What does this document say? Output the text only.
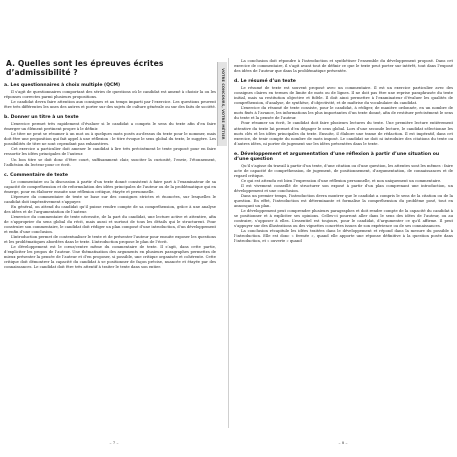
A. Quelles sont les épreuves écrites d’admissibilité ?
a. Les questionnaires à choix multiple (QCM)

Il s’agit de questionnaires comportant des séries de questions où le candidat est amené à choisir la ou les réponses correctes parmi plusieurs propositions.

Le candidat devra faire attention aux consignes et au temps imparti par l’exercice. Les questions peuvent être très différentes les unes des autres et porter sur des sujets de culture générale ou sur des faits de société.

b. Donner un titre à un texte

L’exercice permet très rapidement d’évaluer si le candidat a compris le sens du texte afin d’en faire émerger un élément pertinent propre à le définir.

Le titre ne peut se résumer à un mot ou à quelques mots posés au-dessus du texte pour le nommer, mais doit être une proposition qui fait appel à une réflexion : le titre évoque le sens global du texte, le suggère. Les possibilités de titre ne sont cependant pas exhaustives.

Cet exercice a particulier doit amener le candidat à lire très précisément le texte proposé pour en faire ressortir les idées principales de l’auteur.

Un bon titre se doit donc d’être court, suffisamment clair, susciter la curiosité, l’envie, l’étonnement, l’adhésion du lecteur pour ce écrit.

c. Commentaire de texte

Le commentaire ou la discussion à partir d’un texte donné consistent à faire part à l’examinateur de sa capacité de compréhension et de reformulation des idées principales de l’auteur ou de la problématique qui en émerge, pour en élaborer ensuite une réflexion critique, étayée et personnelle.

L’épreuve du commentaire de texte se base sur des consignes strictes et énoncées, sur lesquelles le candidat doit impérativement s’appuyer.

En général, on attend du candidat qu’il puisse rendre compte de sa compréhension, grâce à une analyse des idées et de l’argumentation de l’auteur.

L’exercice du commentaire de texte nécessite, de la part du candidat, une lecture active et attentive, afin de s’approprier du sens global du récit, mais aussi et surtout de tous les détails qui le structurent. Pour construire son commentaire, le candidat doit rédiger un plan composé d’une introduction, d’un développement et enfin d’une conclusion.

L’introduction permet de contextualiser le texte et de présenter l’auteur pour ensuite exposer les questions et les problématiques abordées dans le texte. L’introduction propose le plan de l’écrit.

Le développement est le cœur/centre même du commentaire de texte. Il s’agit, dans cette partie, d’expliciter les propos de l’auteur. Une thématisation des arguments en plusieurs paragraphes permettra de mieux présenter la pensée de l’auteur et d’en proposer, si possible, une critique organisée et cohérente. Cette critique doit démontrer la capacité du candidat à se positionner de façon précise, nuancée et étayée par des connaissances. Le candidat doit être très attentif à traiter le texte dans son entier.

VOTRE CONCOURS, VOTRE MÉTIER
– 7 –

La conclusion doit répondre à l’introduction et synthétiser l’ensemble du développement proposé. Dans cet exercice de commentaire, il s’agit avant tout de définir ce que le texte peut porter sur intérêt, tout dans l’exposé des idées de l’auteur que dans la problématique présentée.

d. Le résumé d’un texte

Le résumé de texte est souvent proposé avec un commentaire. Il est un exercice particulier avec des consignes claires en termes de limite de mots ou de lignes. Il ne doit pas être une reprise paraphrasée du texte initial, mais sa restitution objective et fidèle. Il doit ainsi permettre à l’examinateur d’évaluer les qualités de compréhension, d’analyse, de synthèse, d’objectivité, et de maîtrise du vocabulaire du candidat.

L’exercice du résumé de texte consiste, pour le candidat, à rédiger, de manière ordonnée, en un nombre de mots fixés à l’avance, les informations les plus importantes d’un texte donné, afin de restituer précisément le sens du texte et la pensée de l’auteur.

Pour résumer un écrit, le candidat doit faire plusieurs lectures du texte. Une première lecture entièrement attentive du texte lui permet d’en dégager le sens global. Lors d’une seconde lecture, le candidat sélectionne les mots clés et les idées principales du texte. Ensuite, il élabore une trame de rédaction. Il est impératif, dans cet exercice, de tenir compte du nombre de mots imposé. Le candidat ne doit ni introduire des citations du texte ou d’autres idées, ni porter de jugement sur les idées présentées dans le texte.

e. Développement et argumentation d’une réflexion à partir d’une situation ou d’une question

Qu’il s’agisse du travail à partir d’un texte, d’une citation ou d’une question, les attentes sont les mêmes : faire acte de capacité de compréhension, de jugement, de positionnement, d’argumentation, de connaissances et de regard critique.

Ce qui est attendu est bien l’expression d’une réflexion personnelle, et non uniquement un commentaire.

Il est vivement conseillé de structurer son exposé à partir d’un plan comprenant une introduction, un développement et une conclusion.

Dans un premier temps, l’introduction devra montrer que le candidat a compris le sens de la citation ou de la question. En effet, l’introduction est déterminante et formalise la compréhension du problème posé, tout en annonçant un plan.

Le développement peut comprendre plusieurs paragraphes et doit rendre compte de la capacité du candidat à se positionner et à expliciter ses opinions. Celles-ci pourront aller dans le sens des idées de l’auteur, ou au contraire, s’opposer à elles. L’essentiel est toujours, pour le candidat, d’argumenter ce qu’il affirme. Il peut s’appuyer sur des illustrations ou des vignettes concrètes issues de son expérience ou de ses connaissances.

La conclusion récapitule les idées traitées dans le développement et répond dans la mesure du possible à l’introduction. Elle est donc « fermée », quand elle apporte une réponse définitive à la question posée dans l’introduction, et « ouverte » quand

– 8 –
